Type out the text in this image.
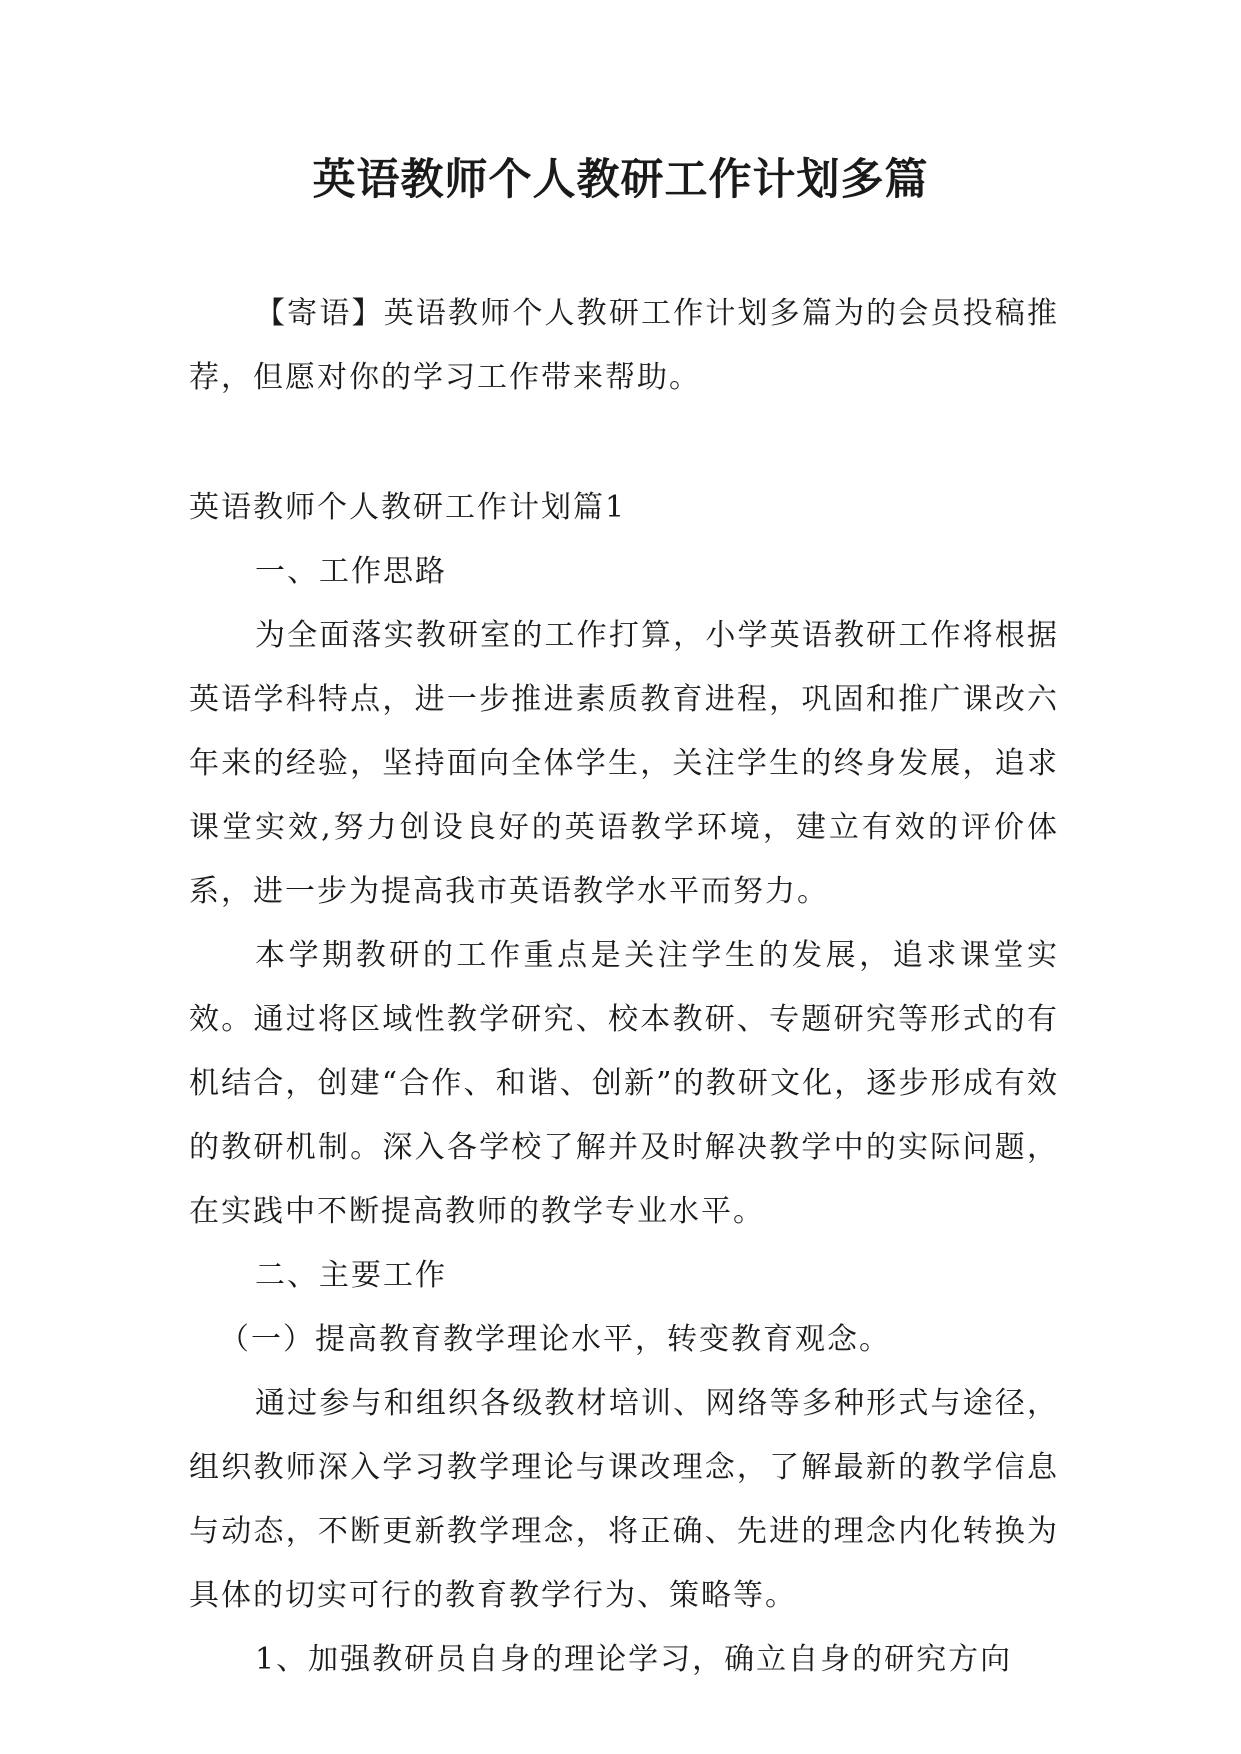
英语教师个人教研工作计划多篇

【寄语】英语教师个人教研工作计划多篇为的会员投稿推荐，但愿对你的学习工作带来帮助。

英语教师个人教研工作计划篇1

一、工作思路

为全面落实教研室的工作打算，小学英语教研工作将根据英语学科特点，进一步推进素质教育进程，巩固和推广课改六年来的经验，坚持面向全体学生，关注学生的终身发展，追求课堂实效,努力创设良好的英语教学环境，建立有效的评价体系，进一步为提高我市英语教学水平而努力。

本学期教研的工作重点是关注学生的发展，追求课堂实效。通过将区域性教学研究、校本教研、专题研究等形式的有机结合，创建“合作、和谐、创新”的教研文化，逐步形成有效的教研机制。深入各学校了解并及时解决教学中的实际问题，在实践中不断提高教师的教学专业水平。

二、主要工作

（一）提高教育教学理论水平，转变教育观念。

通过参与和组织各级教材培训、网络等多种形式与途径，组织教师深入学习教学理论与课改理念，了解最新的教学信息与动态，不断更新教学理念，将正确、先进的理念内化转换为具体的切实可行的教育教学行为、策略等。

1、加强教研员自身的理论学习，确立自身的研究方向
